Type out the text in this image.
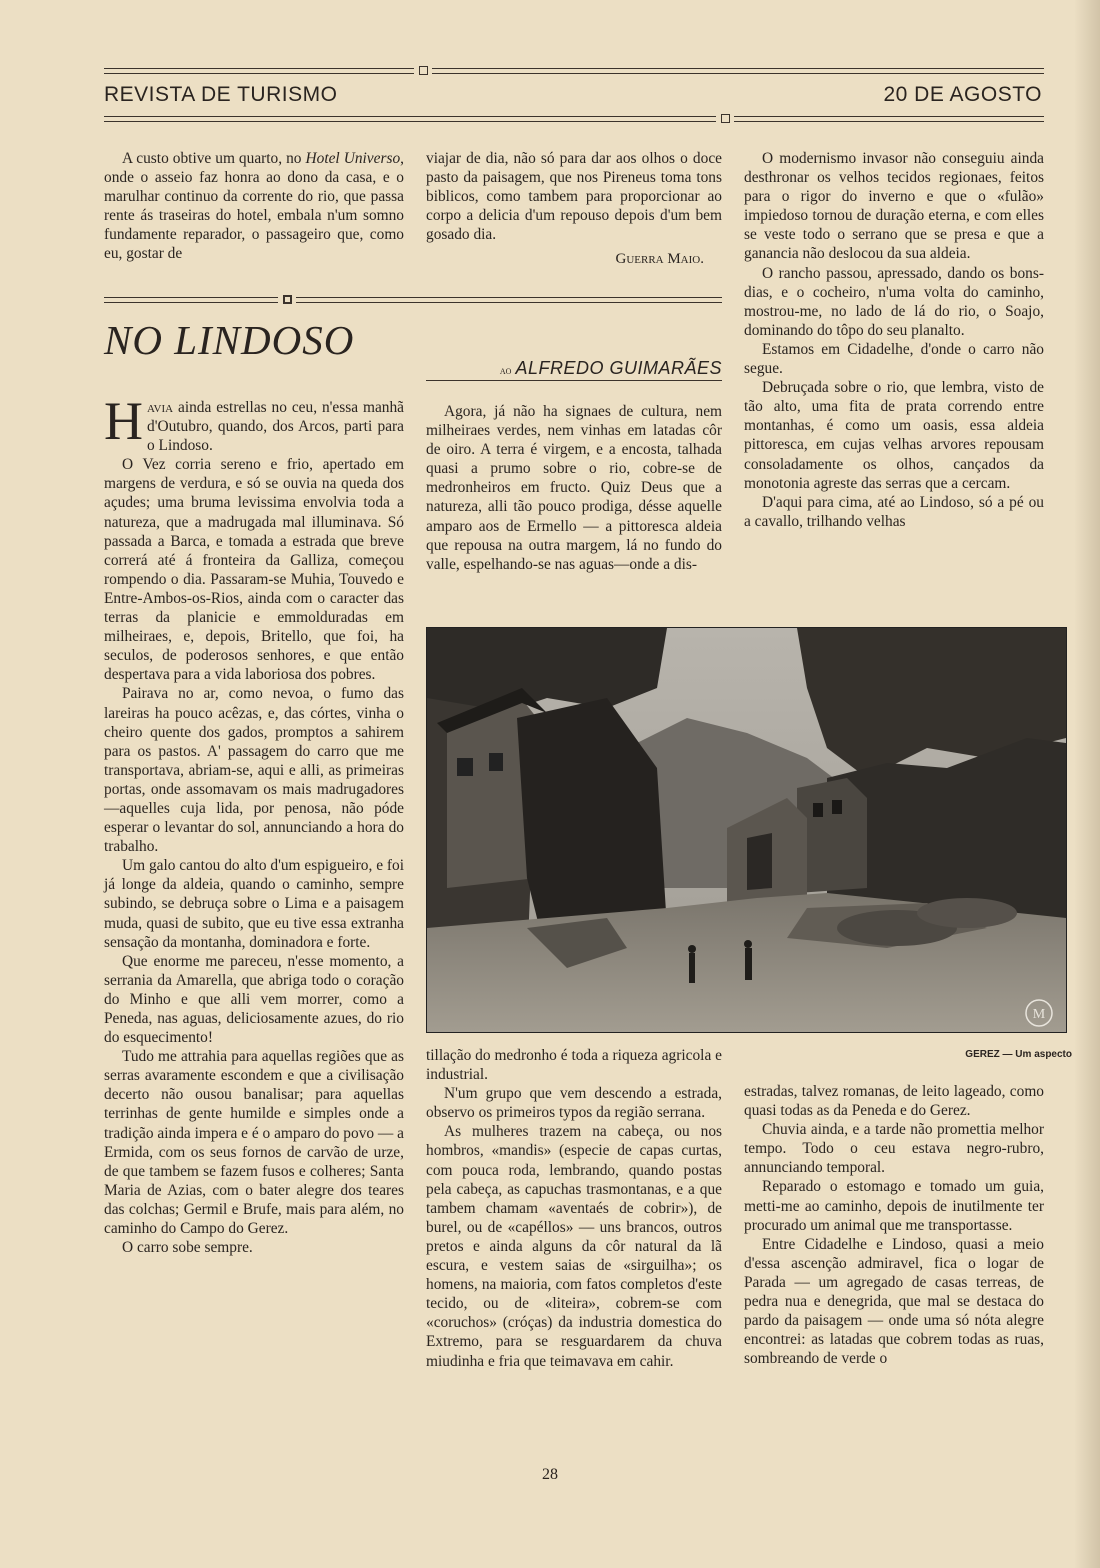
REVISTA DE TURISMO	20 DE AGOSTO

A custo obtive um quarto, no Hotel Universo, onde o asseio faz honra ao dono da casa, e o marulhar continuo da corrente do rio, que passa rente ás traseiras do hotel, embala n'um somno fundamente reparador, o passageiro que, como eu, gostar de

viajar de dia, não só para dar aos olhos o doce pasto da paisagem, que nos Pireneus toma tons biblicos, como tambem para proporcionar ao corpo a delicia d'um repouso depois d'um bem gosado dia.

Guerra Maio.
NO LINDOSO
ao ALFREDO GUIMARÃES

Havia ainda estrellas no ceu, n'essa manhã d'Outubro, quando, dos Arcos, parti para o Lindoso.

O Vez corria sereno e frio, apertado em margens de verdura, e só se ouvia na queda dos açudes; uma bruma levissima envolvia toda a natureza, que a madrugada mal illuminava. Só passada a Barca, e tomada a estrada que breve correrá até á fronteira da Galliza, começou rompendo o dia. Passaram-se Muhia, Touvedo e Entre-Ambos-os-Rios, ainda com o caracter das terras da planicie e emmolduradas em milheiraes, e, depois, Britello, que foi, ha seculos, de poderosos senhores, e que então despertava para a vida laboriosa dos pobres.

Pairava no ar, como nevoa, o fumo das lareiras ha pouco acêzas, e, das córtes, vinha o cheiro quente dos gados, promptos a sahirem para os pastos. A' passagem do carro que me transportava, abriam-se, aqui e alli, as primeiras portas, onde assomavam os mais madrugadores—aquelles cuja lida, por penosa, não póde esperar o levantar do sol, annunciando a hora do trabalho.

Um galo cantou do alto d'um espigueiro, e foi já longe da aldeia, quando o caminho, sempre subindo, se debruça sobre o Lima e a paisagem muda, quasi de subito, que eu tive essa extranha sensação da montanha, dominadora e forte.

Que enorme me pareceu, n'esse momento, a serrania da Amarella, que abriga todo o coração do Minho e que alli vem morrer, como a Peneda, nas aguas, deliciosamente azues, do rio do esquecimento!

Tudo me attrahia para aquellas regiões que as serras avaramente escondem e que a civilisação decerto não ousou banalisar; para aquellas terrinhas de gente humilde e simples onde a tradição ainda impera e é o amparo do povo — a Ermida, com os seus fornos de carvão de urze, de que tambem se fazem fusos e colheres; Santa Maria de Azias, com o bater alegre dos teares das colchas; Germil e Brufe, mais para além, no caminho do Campo do Gerez.

O carro sobe sempre.

Agora, já não ha signaes de cultura, nem milheiraes verdes, nem vinhas em latadas côr de oiro. A terra é virgem, e a encosta, talhada quasi a prumo sobre o rio, cobre-se de medronheiros em fructo. Quiz Deus que a natureza, alli tão pouco prodiga, désse aquelle amparo aos de Ermello — a pittoresca aldeia que repousa na outra margem, lá no fundo do valle, espelhando-se nas aguas—onde a dis-

O modernismo invasor não conseguiu ainda desthronar os velhos tecidos regionaes, feitos para o rigor do inverno e que o «fulão» impiedoso tornou de duração eterna, e com elles se veste todo o serrano que se presa e que a ganancia não deslocou da sua aldeia.

O rancho passou, apressado, dando os bons-dias, e o cocheiro, n'uma volta do caminho, mostrou-me, no lado de lá do rio, o Soajo, dominando do tôpo do seu planalto.

Estamos em Cidadelhe, d'onde o carro não segue.

Debruçada sobre o rio, que lembra, visto de tão alto, uma fita de prata correndo entre montanhas, é como um oasis, essa aldeia pittoresca, em cujas velhas arvores repousam consoladamente os olhos, cançados da monotonia agreste das serras que a cercam.

D'aqui para cima, até ao Lindoso, só a pé ou a cavallo, trilhando velhas

M
GEREZ — Um aspecto

tillação do medronho é toda a riqueza agricola e industrial.

N'um grupo que vem descendo a estrada, observo os primeiros typos da região serrana.

As mulheres trazem na cabeça, ou nos hombros, «mandis» (especie de capas curtas, com pouca roda, lembrando, quando postas pela cabeça, as capuchas trasmontanas, e a que tambem chamam «aventaés de cobrir»), de burel, ou de «capéllos» — uns brancos, outros pretos e ainda alguns da côr natural da lã escura, e vestem saias de «sirguilha»; os homens, na maioria, com fatos completos d'este tecido, ou de «liteira», cobrem-se com «coruchos» (cróças) da industria domestica do Extremo, para se resguardarem da chuva miudinha e fria que teimavava em cahir.

estradas, talvez romanas, de leito lageado, como quasi todas as da Peneda e do Gerez.

Chuvia ainda, e a tarde não promettia melhor tempo. Todo o ceu estava negro-rubro, annunciando temporal.

Reparado o estomago e tomado um guia, metti-me ao caminho, depois de inutilmente ter procurado um animal que me transportasse.

Entre Cidadelhe e Lindoso, quasi a meio d'essa ascenção admiravel, fica o logar de Parada — um agregado de casas terreas, de pedra nua e denegrida, que mal se destaca do pardo da paisagem — onde uma só nóta alegre encontrei: as latadas que cobrem todas as ruas, sombreando de verde o

28
